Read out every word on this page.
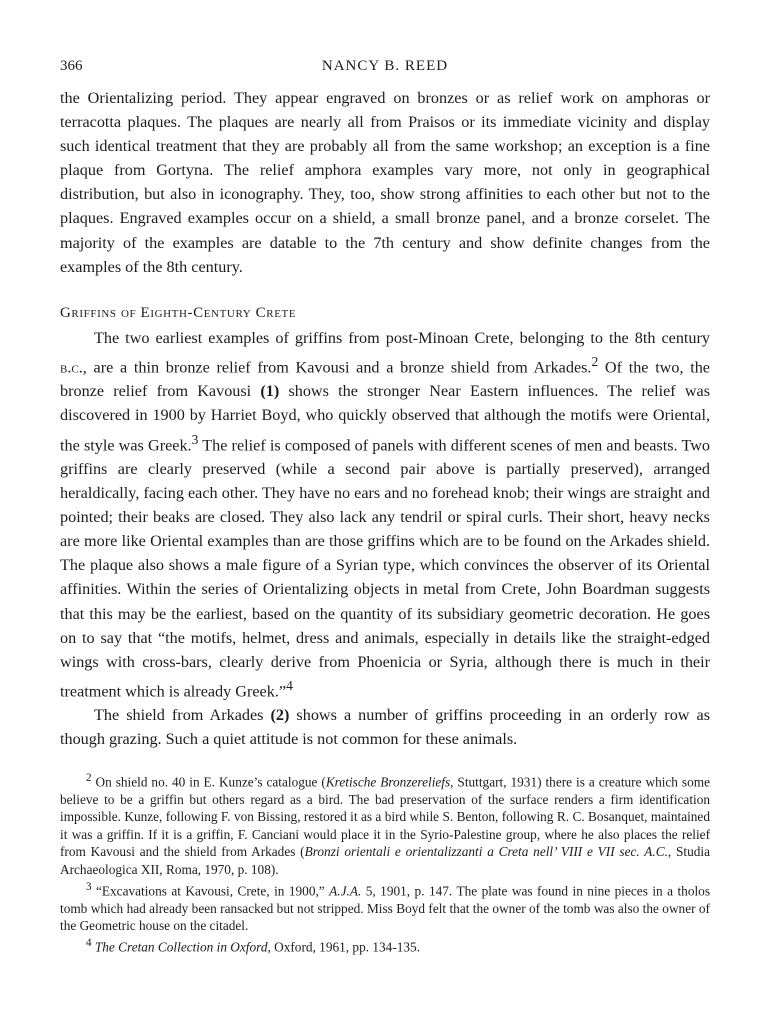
366	NANCY B. REED

the Orientalizing period. They appear engraved on bronzes or as relief work on amphoras or terracotta plaques. The plaques are nearly all from Praisos or its immediate vicinity and display such identical treatment that they are probably all from the same workshop; an exception is a fine plaque from Gortyna. The relief amphora examples vary more, not only in geographical distribution, but also in iconography. They, too, show strong affinities to each other but not to the plaques. Engraved examples occur on a shield, a small bronze panel, and a bronze corselet. The majority of the examples are datable to the 7th century and show definite changes from the examples of the 8th century.

Griffins of Eighth-Century Crete

The two earliest examples of griffins from post-Minoan Crete, belonging to the 8th century b.c., are a thin bronze relief from Kavousi and a bronze shield from Arkades.$^2$ Of the two, the bronze relief from Kavousi (1) shows the stronger Near Eastern influences. The relief was discovered in 1900 by Harriet Boyd, who quickly observed that although the motifs were Oriental, the style was Greek.$^3$ The relief is composed of panels with different scenes of men and beasts. Two griffins are clearly preserved (while a second pair above is partially preserved), arranged heraldically, facing each other. They have no ears and no forehead knob; their wings are straight and pointed; their beaks are closed. They also lack any tendril or spiral curls. Their short, heavy necks are more like Oriental examples than are those griffins which are to be found on the Arkades shield. The plaque also shows a male figure of a Syrian type, which convinces the observer of its Oriental affinities. Within the series of Orientalizing objects in metal from Crete, John Boardman suggests that this may be the earliest, based on the quantity of its subsidiary geometric decoration. He goes on to say that “the motifs, helmet, dress and animals, especially in details like the straight-edged wings with cross-bars, clearly derive from Phoenicia or Syria, although there is much in their treatment which is already Greek.”$^4$

The shield from Arkades (2) shows a number of griffins proceeding in an orderly row as though grazing. Such a quiet attitude is not common for these animals.

$^2$ On shield no. 40 in E. Kunze’s catalogue (Kretische Bronzereliefs, Stuttgart, 1931) there is a creature which some believe to be a griffin but others regard as a bird. The bad preservation of the surface renders a firm identification impossible. Kunze, following F. von Bissing, restored it as a bird while S. Benton, following R. C. Bosanquet, maintained it was a griffin. If it is a griffin, F. Canciani would place it in the Syrio-Palestine group, where he also places the relief from Kavousi and the shield from Arkades (Bronzi orientali e orientalizzanti a Creta nell’ VIII e VII sec. A.C., Studia Archaeologica XII, Roma, 1970, p. 108).

$^3$ “Excavations at Kavousi, Crete, in 1900,” A.J.A. 5, 1901, p. 147. The plate was found in nine pieces in a tholos tomb which had already been ransacked but not stripped. Miss Boyd felt that the owner of the tomb was also the owner of the Geometric house on the citadel.

$^4$ The Cretan Collection in Oxford, Oxford, 1961, pp. 134-135.
